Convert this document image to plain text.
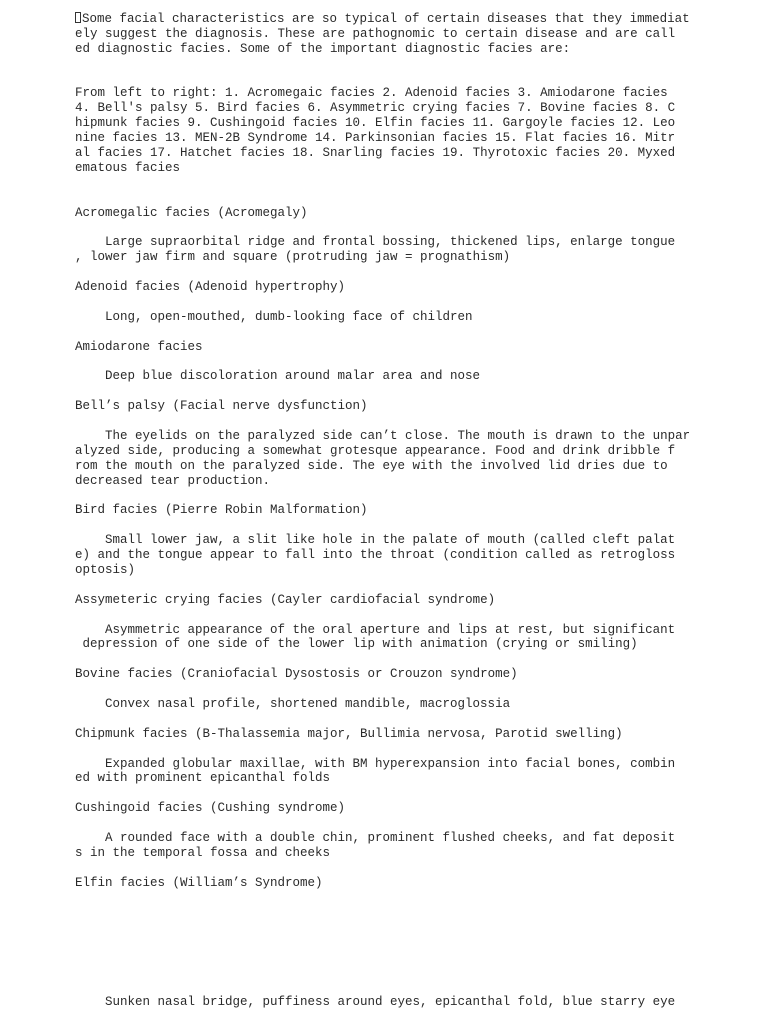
Some facial characteristics are so typical of certain diseases that they immediat
ely suggest the diagnosis. These are pathognomic to certain disease and are call
ed diagnostic facies. Some of the important diagnostic facies are:
From left to right: 1. Acromegaic facies 2. Adenoid facies 3. Amiodarone facies
4. Bell's palsy 5. Bird facies 6. Asymmetric crying facies 7. Bovine facies 8. C
hipmunk facies 9. Cushingoid facies 10. Elfin facies 11. Gargoyle facies 12. Leo
nine facies 13. MEN-2B Syndrome 14. Parkinsonian facies 15. Flat facies 16. Mitr
al facies 17. Hatchet facies 18. Snarling facies 19. Thyrotoxic facies 20. Myxed
ematous facies
Acromegalic facies (Acromegaly)
Large supraorbital ridge and frontal bossing, thickened lips, enlarge tongue
, lower jaw firm and square (protruding jaw = prognathism)
Adenoid facies (Adenoid hypertrophy)
Long, open-mouthed, dumb-looking face of children
Amiodarone facies
Deep blue discoloration around malar area and nose
Bell’s palsy (Facial nerve dysfunction)
The eyelids on the paralyzed side can’t close. The mouth is drawn to the unpar
alyzed side, producing a somewhat grotesque appearance. Food and drink dribble f
rom the mouth on the paralyzed side. The eye with the involved lid dries due to
decreased tear production.
Bird facies (Pierre Robin Malformation)
Small lower jaw, a slit like hole in the palate of mouth (called cleft palat
e) and the tongue appear to fall into the throat (condition called as retrogloss
optosis)
Assymeteric crying facies (Cayler cardiofacial syndrome)
Asymmetric appearance of the oral aperture and lips at rest, but significant
depression of one side of the lower lip with animation (crying or smiling)
Bovine facies (Craniofacial Dysostosis or Crouzon syndrome)
Convex nasal profile, shortened mandible, macroglossia
Chipmunk facies (B-Thalassemia major, Bullimia nervosa, Parotid swelling)
Expanded globular maxillae, with BM hyperexpansion into facial bones, combin
ed with prominent epicanthal folds
Cushingoid facies (Cushing syndrome)
A rounded face with a double chin, prominent flushed cheeks, and fat deposit
s in the temporal fossa and cheeks
Elfin facies (William’s Syndrome)
Sunken nasal bridge, puffiness around eyes, epicanthal fold, blue starry eye
